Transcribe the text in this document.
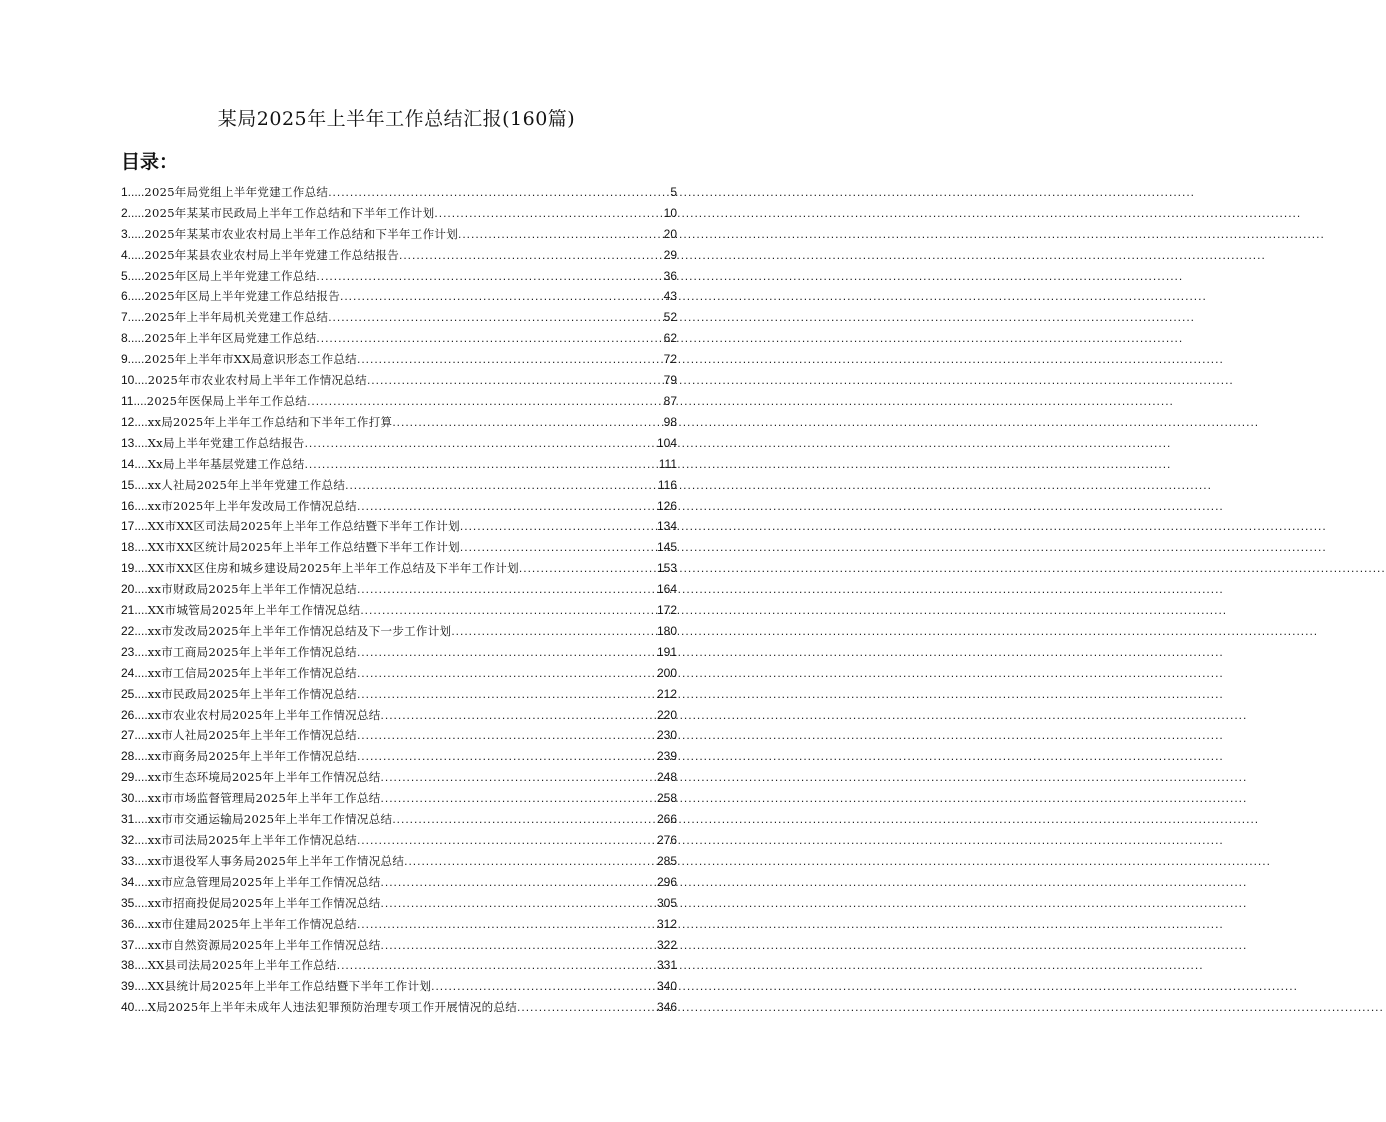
某局2025年上半年工作总结汇报(160篇)
目录：
1..... 2025年局党组上半年党建工作总结 .....	5
2..... 2025年某某市民政局上半年工作总结和下半年工作计划 .....	10
3..... 2025年某某市农业农村局上半年工作总结和下半年工作计划 .....	20
4..... 2025年某县农业农村局上半年党建工作总结报告 .....	29
5..... 2025年区局上半年党建工作总结 .....	36
6..... 2025年区局上半年党建工作总结报告 .....	43
7..... 2025年上半年局机关党建工作总结 .....	52
8..... 2025年上半年区局党建工作总结 .....	62
9..... 2025年上半年市XX局意识形态工作总结 .....	72
10.... 2025年市农业农村局上半年工作情况总结 .....	79
11.... 2025年医保局上半年工作总结 .....	87
12.... xx局2025年上半年工作总结和下半年工作打算 .....	98
13.... Xx局上半年党建工作总结报告 .....	104
14.... Xx局上半年基层党建工作总结 .....	111
15.... xx人社局2025年上半年党建工作总结 .....	116
16.... xx市2025年上半年发改局工作情况总结 .....	126
17.... XX市XX区司法局2025年上半年工作总结暨下半年工作计划 .....	134
18.... XX市XX区统计局2025年上半年工作总结暨下半年工作计划 .....	145
19.... XX市XX区住房和城乡建设局2025年上半年工作总结及下半年工作计划 .....	153
20.... xx市财政局2025年上半年工作情况总结 .....	164
21.... XX市城管局2025年上半年工作情况总结 .....	172
22.... xx市发改局2025年上半年工作情况总结及下一步工作计划 .....	180
23.... xx市工商局2025年上半年工作情况总结 .....	191
24.... xx市工信局2025年上半年工作情况总结 .....	200
25.... xx市民政局2025年上半年工作情况总结 .....	212
26.... xx市农业农村局2025年上半年工作情况总结 .....	220
27.... xx市人社局2025年上半年工作情况总结 .....	230
28.... xx市商务局2025年上半年工作情况总结 .....	239
29.... xx市生态环境局2025年上半年工作情况总结 .....	248
30.... xx市市场监督管理局2025年上半年工作总结 .....	258
31.... xx市市交通运输局2025年上半年工作情况总结 .....	266
32.... xx市司法局2025年上半年工作情况总结 .....	276
33.... xx市退役军人事务局2025年上半年工作情况总结 .....	285
34.... xx市应急管理局2025年上半年工作情况总结 .....	296
35.... xx市招商投促局2025年上半年工作情况总结 .....	305
36.... xx市住建局2025年上半年工作情况总结 .....	312
37.... xx市自然资源局2025年上半年工作情况总结 .....	322
38.... XX县司法局2025年上半年工作总结 .....	331
39.... XX县统计局2025年上半年工作总结暨下半年工作计划 .....	340
40.... X局2025年上半年未成年人违法犯罪预防治理专项工作开展情况的总结 .....	346
